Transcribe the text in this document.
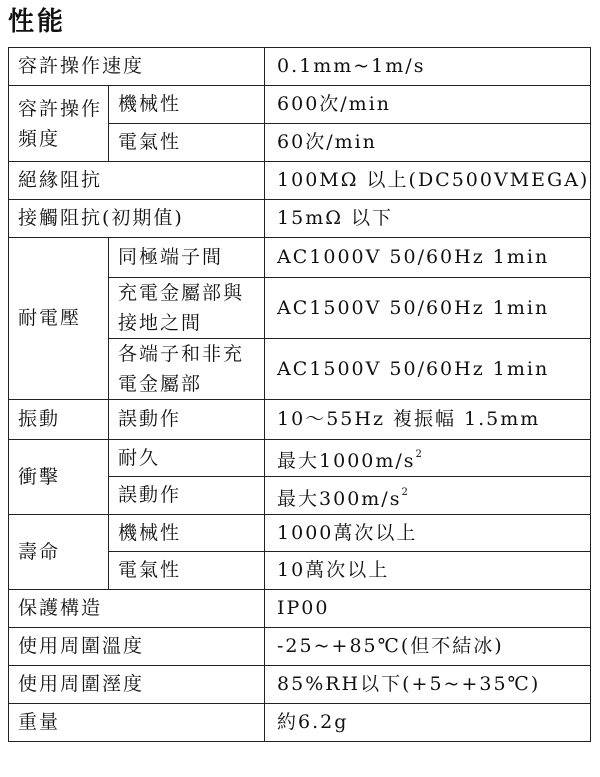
性能
容許操作速度		0.1mm~1m/s
容許操作頻度	機械性	600次/min
	電氣性	60次/min
絕緣阻抗		100MΩ 以上(DC500VMEGA)
接觸阻抗(初期值)		15mΩ 以下
耐電壓	同極端子間	AC1000V 50/60Hz 1min
	充電金屬部與接地之間	AC1500V 50/60Hz 1min
	各端子和非充電金屬部	AC1500V 50/60Hz 1min
振動	誤動作	10～55Hz 複振幅 1.5mm
衝擊	耐久	最大$1000m/s^2$
	誤動作	最大$300m/s^2$
壽命	機械性	1000萬次以上
	電氣性	10萬次以上
保護構造		IP00
使用周圍溫度		-25~+85℃(但不結冰)
使用周圍溼度		85%RH以下(+5~+35℃)
重量		約6.2g
